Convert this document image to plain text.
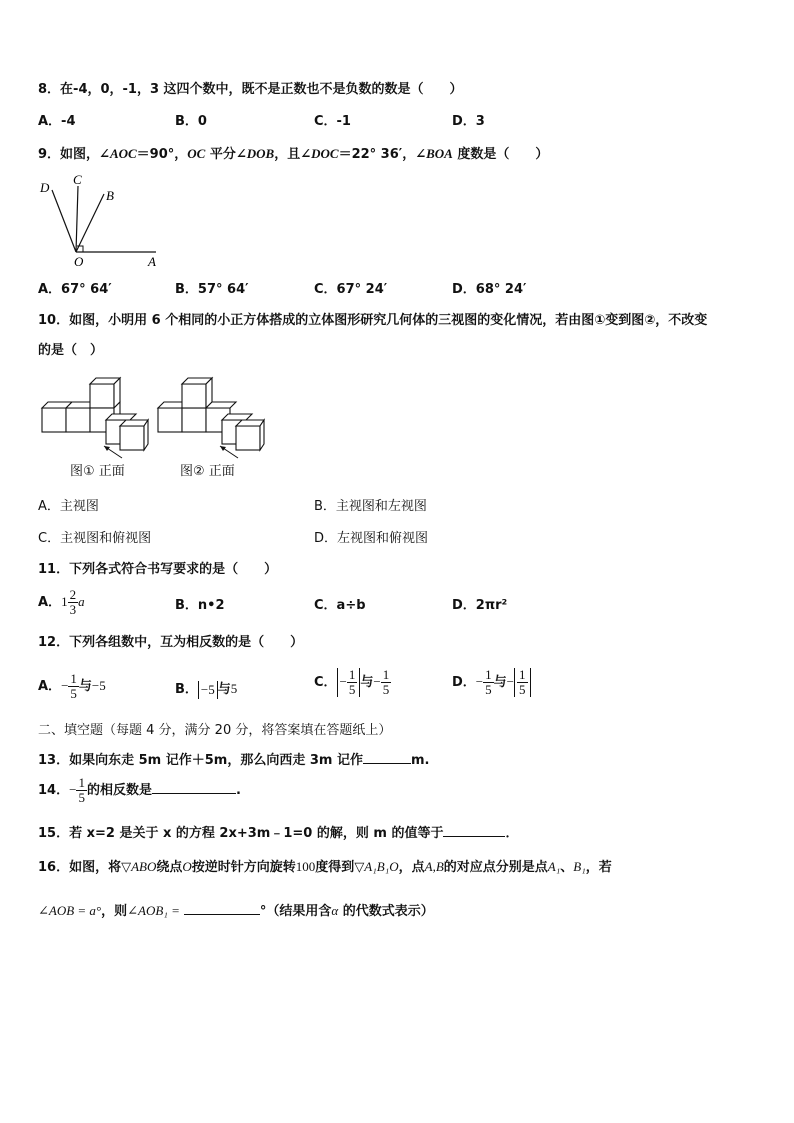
8．在-4，0，-1，3 这四个数中，既不是正数也不是负数的数是（　　）
A．-4	B．0	C．-1	D．3
9．如图，∠AOC＝90°，OC 平分∠DOB，且∠DOC＝22° 36′，∠BOA 度数是（　　）
D
C
B
O	A
A．67° 64′	B．57° 64′	C．67° 24′	D．68° 24′
10．如图，小明用 6 个相同的小正方体搭成的立体图形研究几何体的三视图的变化情况，若由图①变到图②，不改变
的是（　）
图① 正面	图② 正面
A．主视图	B．主视图和左视图
C．主视图和俯视图	D．左视图和俯视图
11．下列各式符合书写要求的是（　　）
A．$1 \frac{2}{3}$ a	B．n•2	C．a÷b	D．2πr²
12．下列各组数中，互为相反数的是（　　）
A．− $\frac{1}{5}$ 与−5	B． −5 与5	C． − $\frac{1}{5}$ 与− $\frac{1}{5}$	D．− $\frac{1}{5}$ 与− $\frac{1}{5}$
二、填空题（每题 4 分，满分 20 分，将答案填在答题纸上）
13．如果向东走 5m 记作＋5m，那么向西走 3m 记作	m.
14．− $\frac{1}{5}$ 的相反数是	.
15．若 x=2 是关于 x 的方程 2x+3m﹣1=0 的解，则 m 的值等于	．
16．如图，将▽ABO绕点O按逆时针方向旋转100度得到▽A₁B₁O，点A,B的对应点分别是点A₁、B₁，若
∠AOB = a°，则∠AOB₁ =	°（结果用含α 的代数式表示）
